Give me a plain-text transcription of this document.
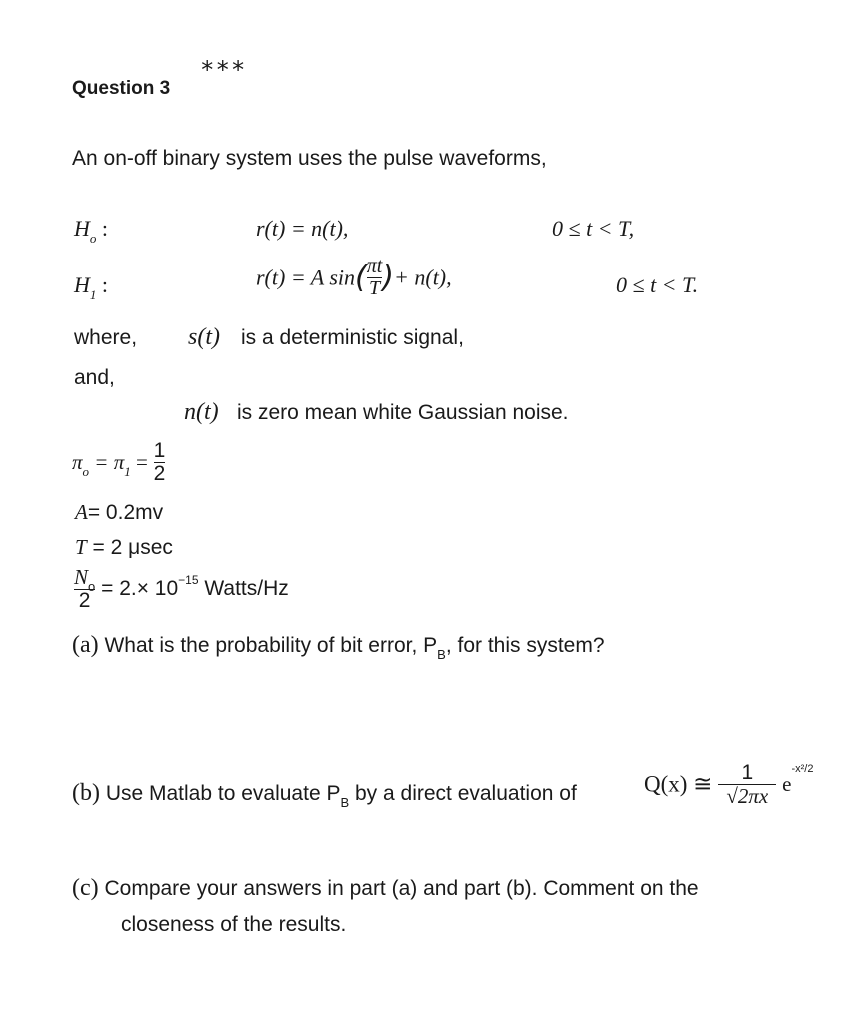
***
Question 3
An on-off binary system uses the pulse waveforms,
$H_o$ :	r(t) = n(t),	0 ≤ t < T,
$H_1$ :	r(t) = A $\sin( \frac{\pi t}{T}$ )+ n(t),	0 ≤ t < T.
where, s(t) is a deterministic signal,
and,
n(t) is zero mean white Gaussian noise.
$\pi_o = \pi_1 = \frac{1}{2}$
A= 0.2mv
T = 2 μsec
$\frac{N_o}{2} = 2.\times 10^{-15}$ Watts/Hz
(a) What is the probability of bit error, $P_B$, for this system?
(b) Use Matlab to evaluate $P_B$ by a direct evaluation of	Q(x) ≅ $\frac{1}{√2\pi x} e^{-x^2/2}$
(c) Compare your answers in part (a) and part (b). Comment on the
closeness of the results.
